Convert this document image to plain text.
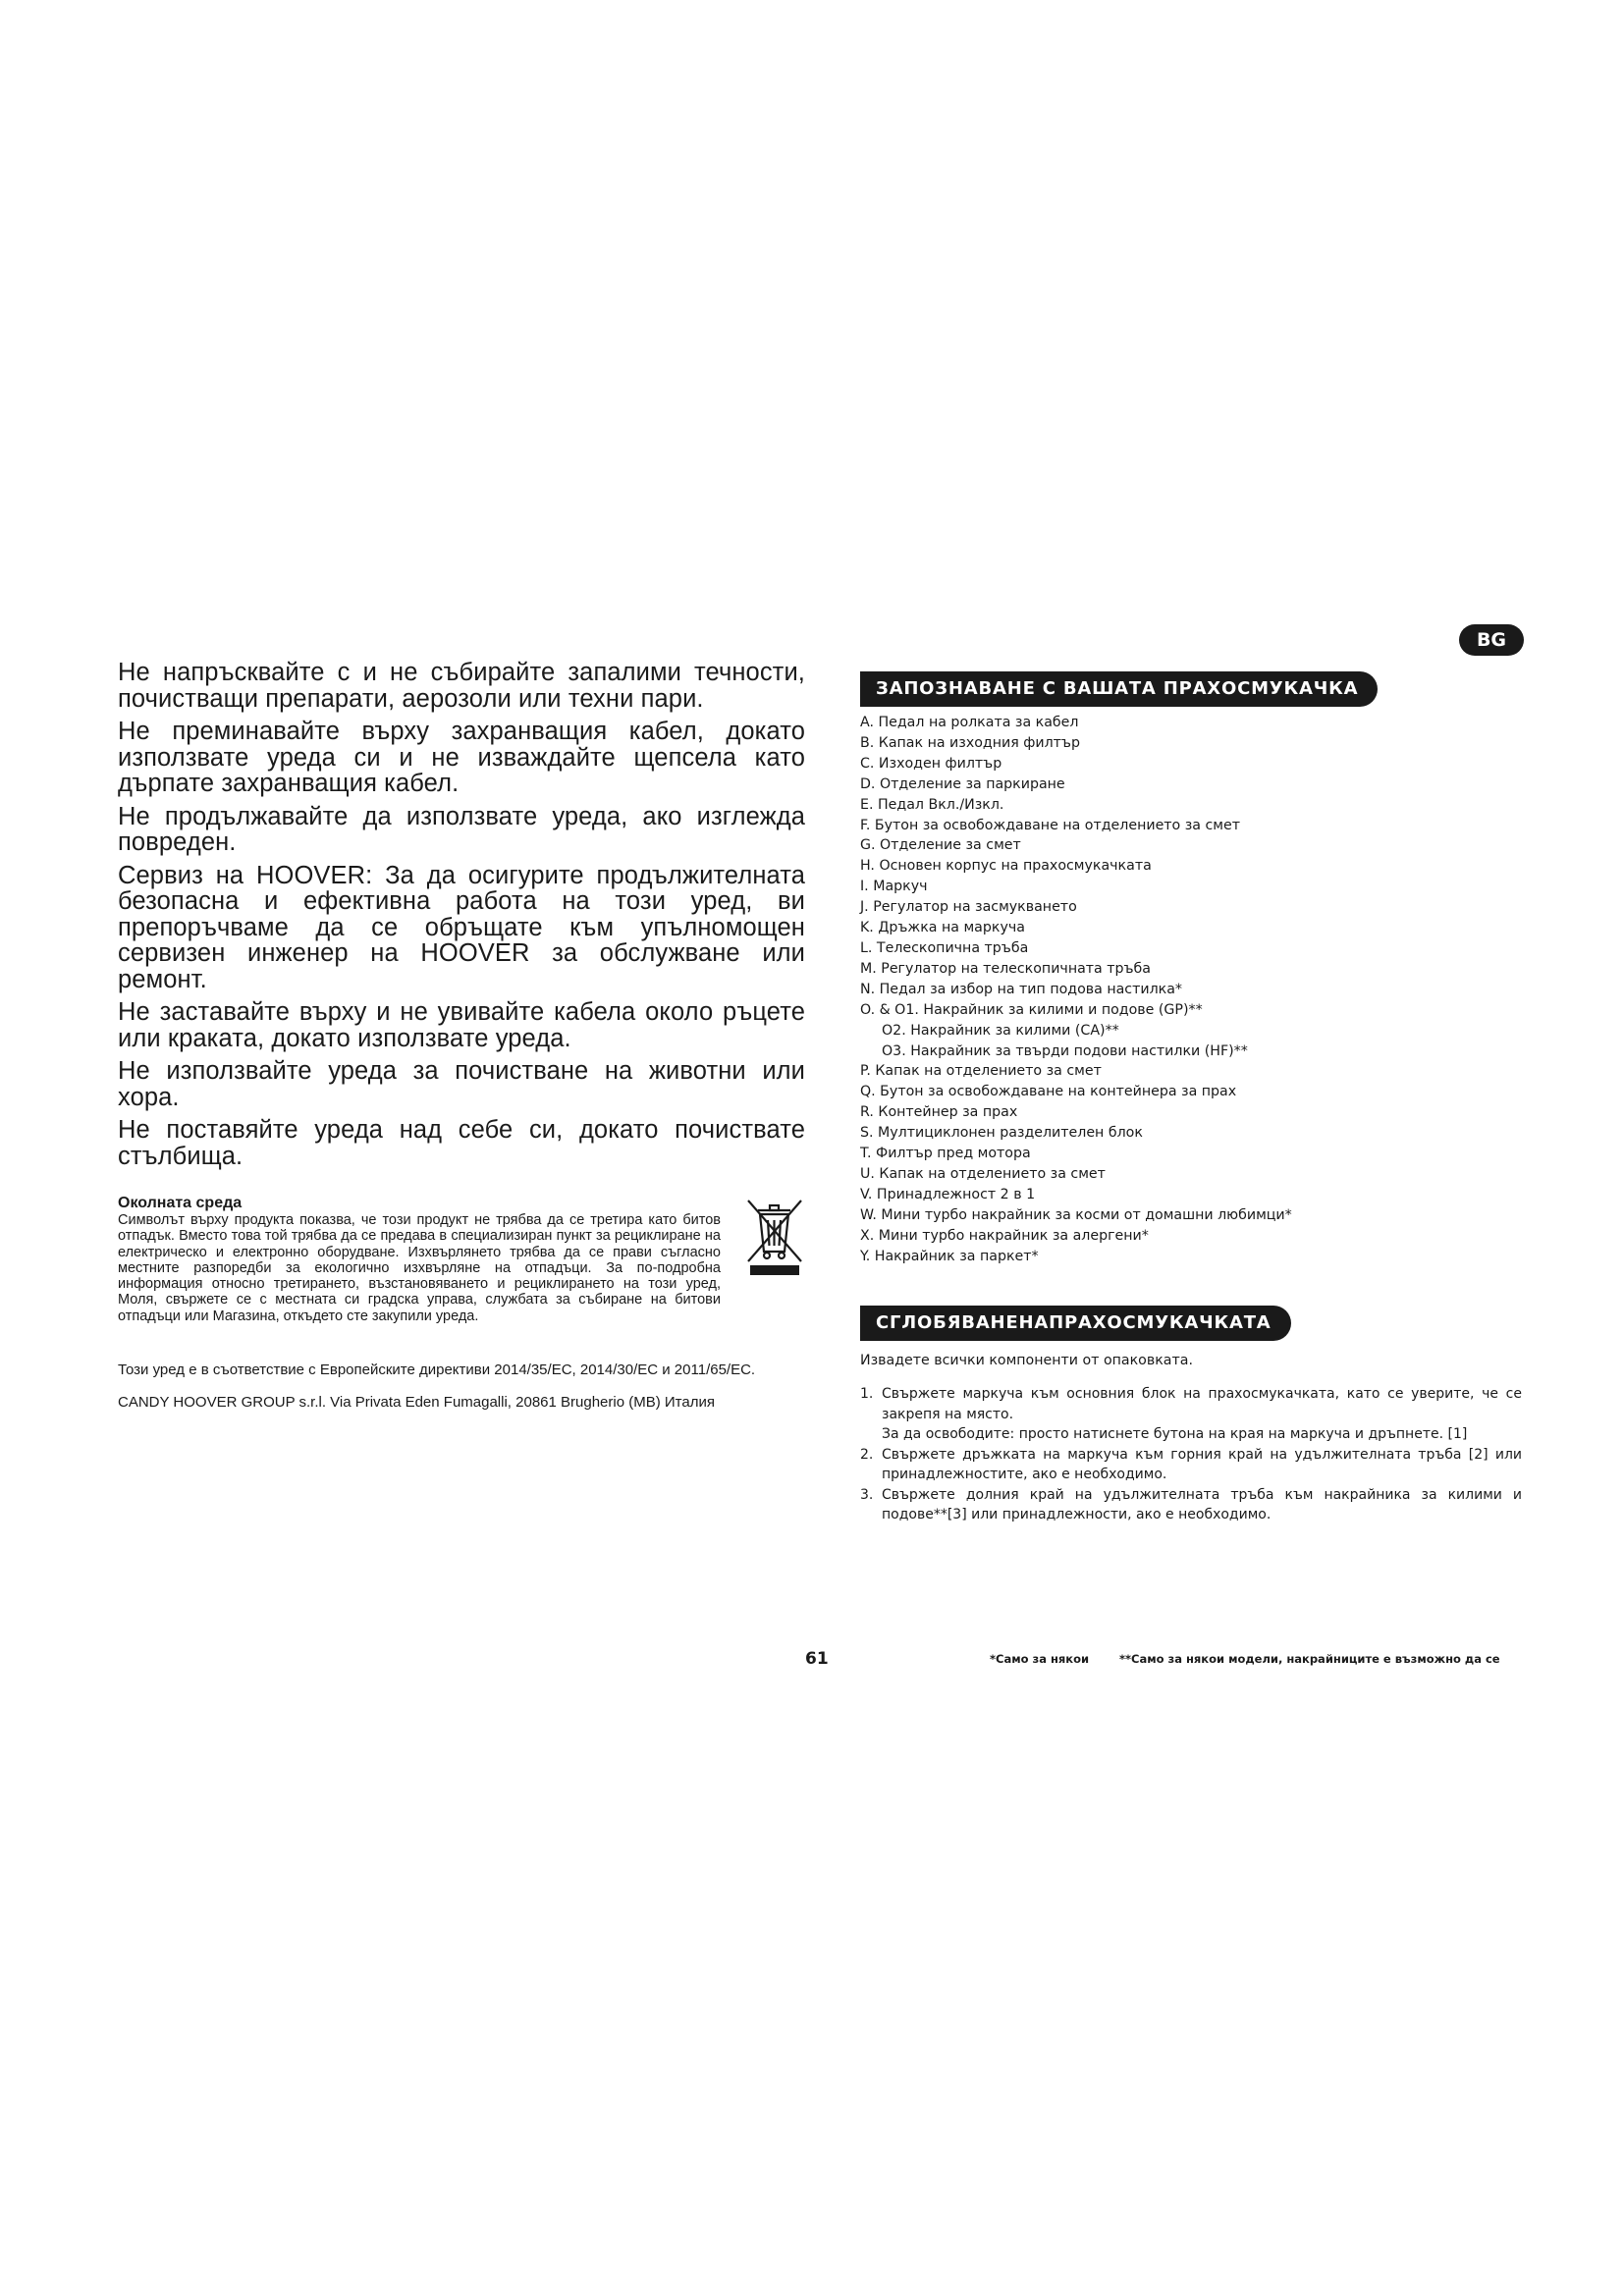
BG

Не напръсквайте с и не събирайте запалими течности, почистващи препарати, аерозоли или техни пари.

Не преминавайте върху захранващия кабел, докато използвате уреда си и не изваждайте щепсела като дърпате захранващия кабел.

Не продължавайте да използвате уреда, ако изглежда повреден.

Сервиз на HOOVER: За да осигурите продължителната безопасна и ефективна работа на този уред, ви препоръчваме да се обръщате към упълномощен сервизен инженер на HOOVER за обслужване или ремонт.

Не заставайте върху и не увивайте кабела около ръцете или краката, докато използвате уреда.

Не използвайте уреда за почистване на животни или хора.

Не поставяйте уреда над себе си, докато почиствате стълбища.

Околната среда

Символът върху продукта показва, че този продукт не трябва да се третира като битов отпадък. Вместо това той трябва да се предава в специализиран пункт за рециклиране на електрическо и електронно оборудване. Изхвърлянето трябва да се прави съгласно местните разпоредби за екологично изхвърляне на отпадъци. За по-подробна информация относно третирането, възстановяването и рециклирането на този уред, Моля, свържете се с местната си градска управа, службата за събиране на битови отпадъци или Магазина, откъдето сте закупили уреда.

Този уред е в съответствие с Европейските директиви 2014/35/EC, 2014/30/EC и 2011/65/EC.

CANDY HOOVER GROUP s.r.l. Via Privata Eden Fumagalli, 20861 Brugherio (MB) Италия

ЗАПОЗНАВАНЕ С ВАШАТА ПРАХОСМУКАЧКА
A. Педал на ролката за кабел
B. Капак на изходния филтър
C. Изходен филтър
D. Отделение за паркиране
E. Педал Вкл./Изкл.
F. Бутон за освобождаване на отделението за смет
G. Отделение за смет
H. Основен корпус на прахосмукачката
I. Маркуч
J. Регулатор на засмукването
K. Дръжка на маркуча
L. Телескопична тръба
M. Регулатор на телескопичната тръба
N. Педал за избор на тип подова настилка*
O. & O1. Накрайник за килими и подове (GP)**
O2. Накрайник за килими (CA)**
O3. Накрайник за твърди подови настилки (HF)**
P. Капак на отделението за смет
Q. Бутон за освобождаване на контейнера за прах
R. Контейнер за прах
S. Мултициклонен разделителен блок
T. Филтър пред мотора
U. Капак на отделението за смет
V. Принадлежност 2 в 1
W. Мини турбо накрайник за косми от домашни любимци*
X. Мини турбо накрайник за алергени*
Y. Накрайник за паркет*
СГЛОБЯВАНЕНАПРАХОСМУКАЧКАТА

Извадете всички компоненти от опаковката.

1. Свържете маркуча към основния блок на прахосмукачката, като се уверите, че се закрепя на място.
За да освободите: просто натиснете бутона на края на маркуча и дръпнете. [1]
2. Свържете дръжката на маркуча към горния край на удължителната тръба [2] или принадлежностите, ако е необходимо.
3. Свържете долния край на удължителната тръба към накрайника за килими и подове**[3] или принадлежности, ако е необходимо.
61	*Само за някои	**Само за някои модели, накрайниците е възможно да се
